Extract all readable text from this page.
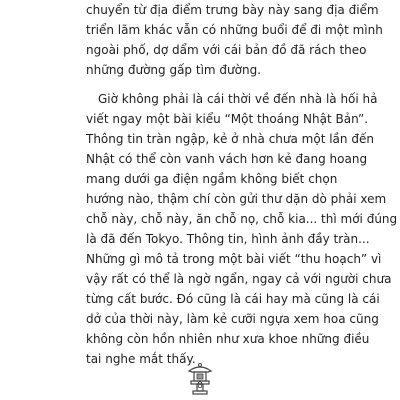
chuyển từ địa điểm trưng bày này sang địa điểm
triển lãm khác vẫn có những buổi để đi một mình
ngoài phố, dợ dẩm với cái bản đồ đã rách theo
những đường gấp tìm đường.
Giờ không phải là cái thời về đến nhà là hối hả
viết ngay một bài kiểu “Một thoáng Nhật Bản”.
Thông tin tràn ngập, kẻ ở nhà chưa một lần đến
Nhật có thể còn vanh vách hơn kẻ đang hoang
mang dưới ga điện ngầm không biết chọn
hướng nào, thậm chí còn gửi thư dặn dò phải xem
chỗ này, chỗ này, ăn chỗ nọ, chỗ kia... thì mới đúng
là đã đến Tokyo. Thông tin, hình ảnh đầy tràn...
Những gì mô tả trong một bài viết “thu hoạch” vì
vậy rất có thể là ngờ ngẩn, ngay cả với người chưa
từng cất bước. Đó cũng là cái hay mà cũng là cái
dở của thời này, làm kẻ cưỡi ngựa xem hoa cũng
không còn hồn nhiên như xưa khoe những điều
tai nghe mắt thấy.
8
